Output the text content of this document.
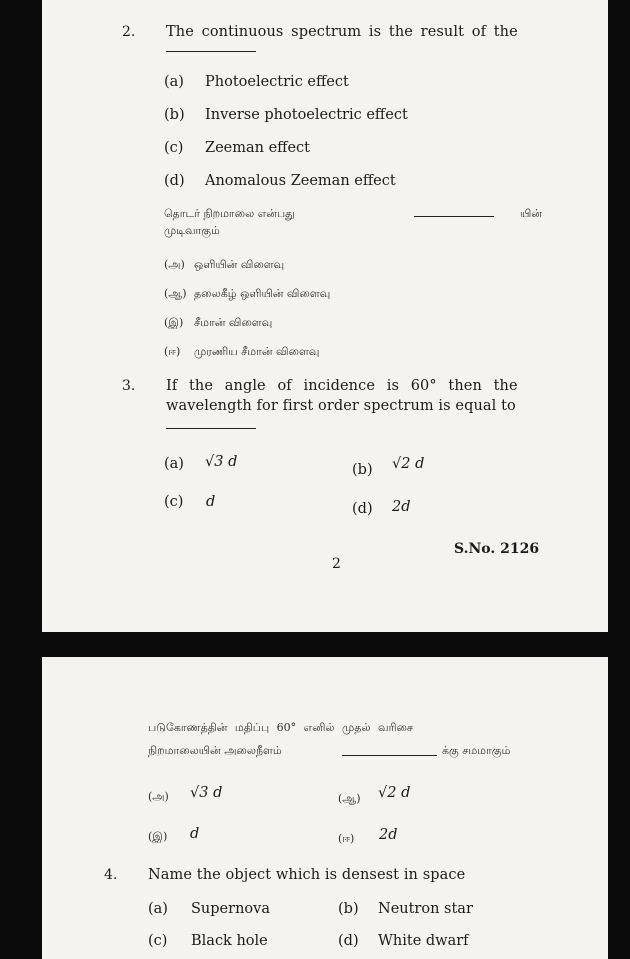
2. The continuous spectrum is the result of the
(a) Photoelectric effect
(b) Inverse photoelectric effect
(c) Zeeman effect
(d) Anomalous Zeeman effect
தொடர் நிறமாலை என்பது	யின்
முடிவாகும்
(அ) ஒளியின் விளைவு
(ஆ) தலைகீழ் ஒளியின் விளைவு
(இ) சீமான் விளைவு
(ஈ) முரணிய சீமான் விளைவு
3. If the angle of incidence is 60° then the
wavelength for first order spectrum is equal to
(a) √3 d	(b) √2 d
(c) d	(d) 2d
2
S.No. 2126
படுகோணத்தின் மதிப்பு 60° எனில் முதல் வரிசை
நிறமாலையின் அலைநீளம்	க்கு சமமாகும்
(அ) √3 d	(ஆ) √2 d
(இ) d	(ஈ) 2d
4. Name the object which is densest in space
(a) Supernova	(b) Neutron star
(c) Black hole	(d) White dwarf
